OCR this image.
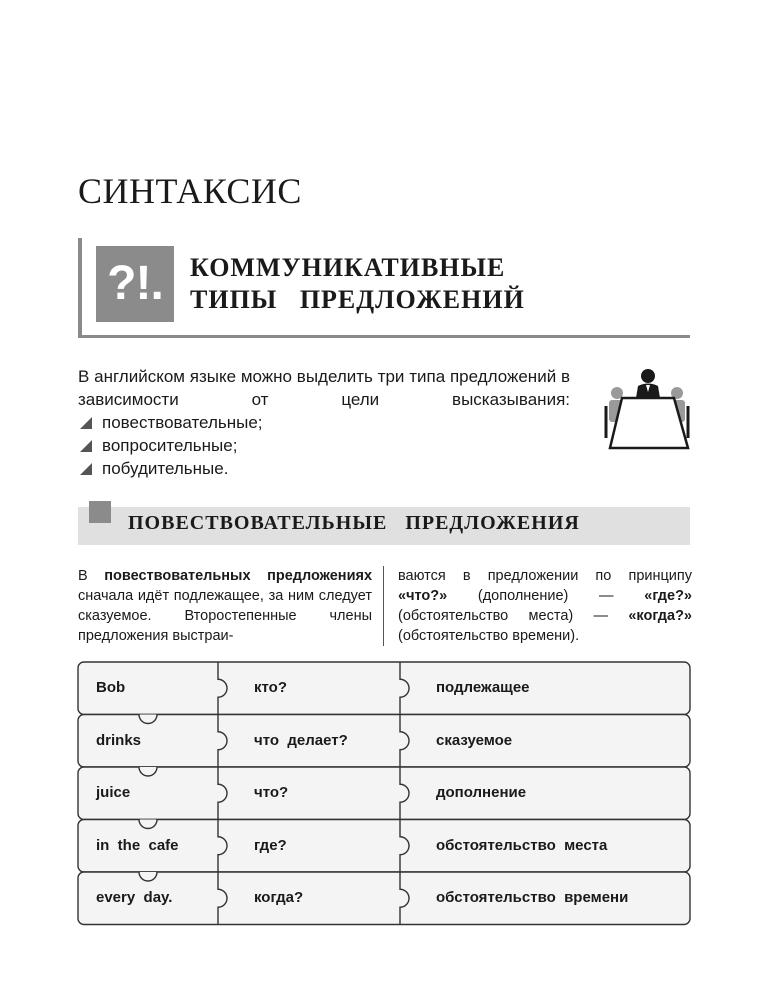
СИНТАКСИС
?!.	КОММУНИКАТИВНЫЕ
ТИПЫ   ПРЕДЛОЖЕНИЙ

В английском языке можно выделить три типа предложений в зависимости от цели высказывания:

повествовательные;
вопросительные;
побудительные.
ПОВЕСТВОВАТЕЛЬНЫЕ   ПРЕДЛОЖЕНИЯ
В повествовательных предложениях сначала идёт подлежащее, за ним следует сказуемое. Второстепенные члены предложения выстраи-
ваются в предложении по принципу «что?» (дополнение) — «где?» (обстоятельство места) — «когда?» (обстоятельство времени).
Bob	кто?	подлежащее
drinks	что  делает?	сказуемое
juice	что?	дополнение
in  the  cafe	где?	обстоятельство  места
every  day.	когда?	обстоятельство  времени
